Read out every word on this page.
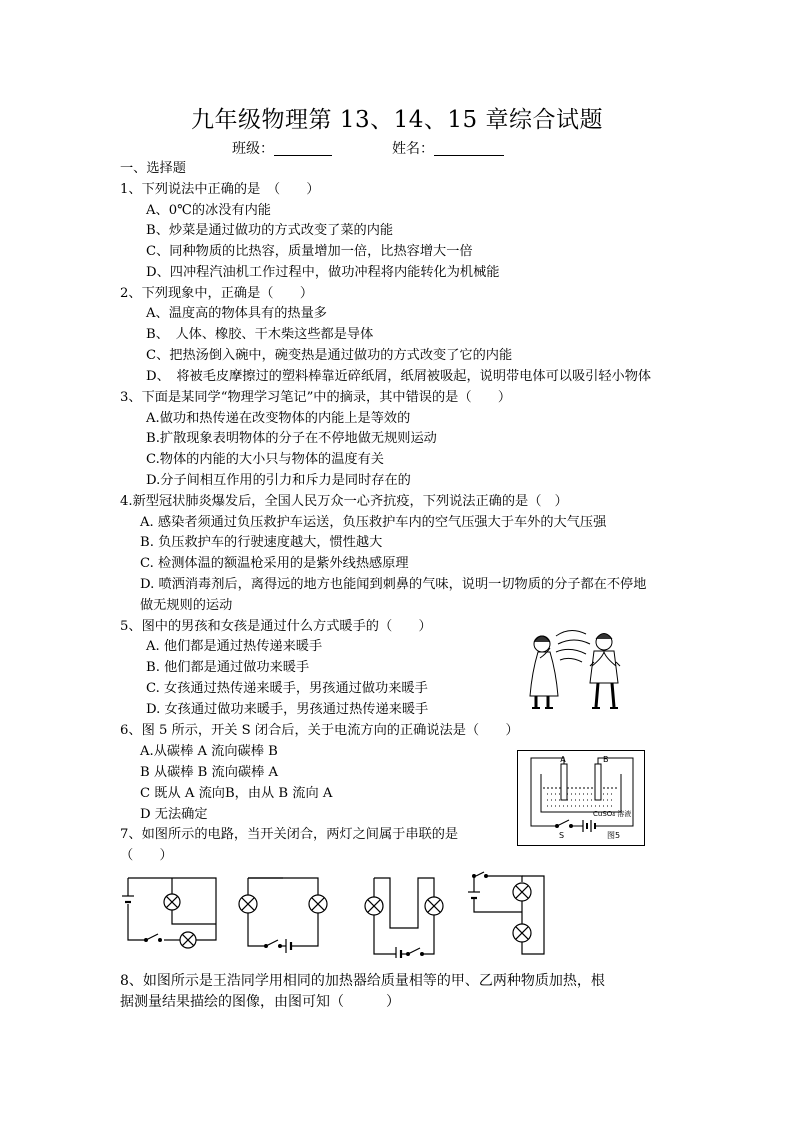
九年级物理第 13、14、15 章综合试题
班级：	姓名：
一、选择题
1、下列说法中正确的是　（　　）
A、0℃的冰没有内能
B、炒菜是通过做功的方式改变了菜的内能
C、同种物质的比热容，质量增加一倍，比热容增大一倍
D、四冲程汽油机工作过程中，做功冲程将内能转化为机械能
2、下列现象中，正确是（　　）
A、温度高的物体具有的热量多
B、　人体、橡胶、干木柴这些都是导体
C、把热汤倒入碗中，碗变热是通过做功的方式改变了它的内能
D、　将被毛皮摩擦过的塑料棒靠近碎纸屑，纸屑被吸起，说明带电体可以吸引轻小物体
3、下面是某同学“物理学习笔记”中的摘录，其中错误的是（　　）
A.做功和热传递在改变物体的内能上是等效的
B.扩散现象表明物体的分子在不停地做无规则运动
C.物体的内能的大小只与物体的温度有关
D.分子间相互作用的引力和斥力是同时存在的
4.新型冠状肺炎爆发后，全国人民万众一心齐抗疫，下列说法正确的是（　）
A. 感染者须通过负压救护车运送，负压救护车内的空气压强大于车外的大气压强
B. 负压救护车的行驶速度越大，惯性越大
C. 检测体温的额温枪采用的是紫外线热感原理
D. 喷洒消毒剂后，离得远的地方也能闻到刺鼻的气味，说明一切物质的分子都在不停地
做无规则的运动
5、图中的男孩和女孩是通过什么方式暖手的（　　）
A. 他们都是通过热传递来暖手
B. 他们都是通过做功来暖手
C. 女孩通过热传递来暖手，男孩通过做功来暖手
D. 女孩通过做功来暖手，男孩通过热传递来暖手
6、图 5 所示，开关 S 闭合后，关于电流方向的正确说法是（　　）
A.从碳棒 A 流向碳棒 B
B 从碳棒 B 流向碳棒 A
C 既从 A 流向B，由从 B 流向 A
D 无法确定
A	B
CuSO₄ 溶液
S	图5
7、如图所示的电路，当开关闭合，两灯之间属于串联的是
（　　）
8、如图所示是王浩同学用相同的加热器给质量相等的甲、乙两种物质加热，根
据测量结果描绘的图像，由图可知（　　　）
